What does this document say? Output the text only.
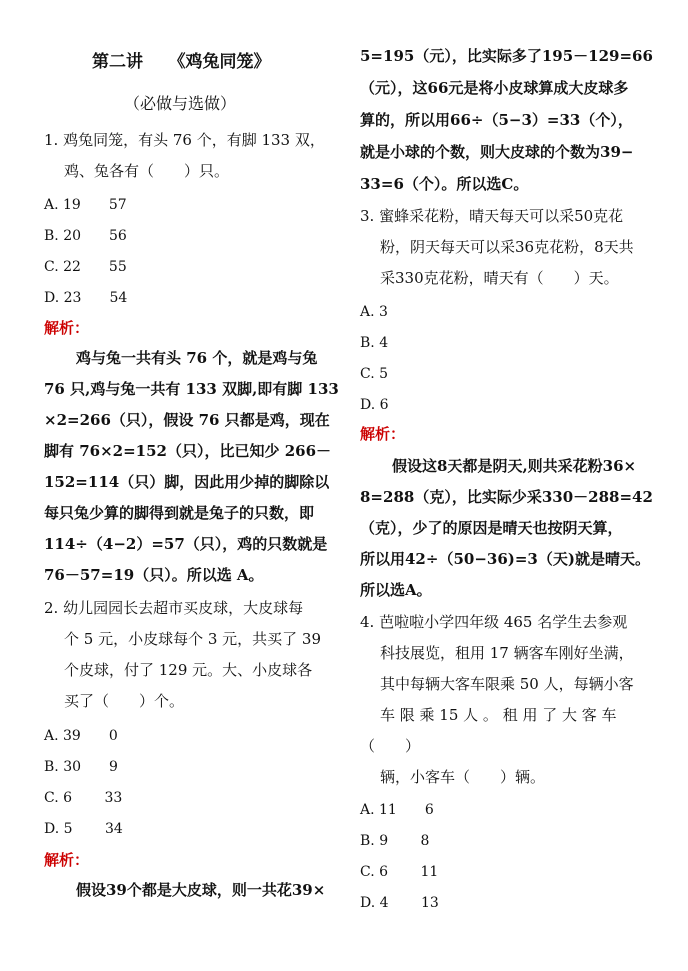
第二讲　　《鸡兔同笼》
（必做与选做）
1. 鸡兔同笼，有头 76 个，有脚 133 双，
鸡、兔各有（　　）只。
A. 19　　57
B. 20　　56
C. 22　　55
D. 23　　54
解析：
鸡与兔一共有头 76 个，就是鸡与兔
76 只,鸡与兔一共有 133 双脚,即有脚 133
×2=266（只），假设 76 只都是鸡，现在
脚有 76×2=152（只），比已知少 266－
152=114（只）脚，因此用少掉的脚除以
每只兔少算的脚得到就是兔子的只数，即
114÷（4−2）=57（只），鸡的只数就是
76－57=19（只）。所以选 A。
2. 幼儿园园长去超市买皮球，大皮球每
个 5 元，小皮球每个 3 元，共买了 39
个皮球，付了 129 元。大、小皮球各
买了（　　）个。
A. 39　　0
B. 30　　9
C. 6　　 33
D. 5　　 34
解析：
假设39个都是大皮球，则一共花39×
5=195（元），比实际多了195－129=66
（元），这66元是将小皮球算成大皮球多
算的，所以用66÷（5−3）=33（个），
就是小球的个数，则大皮球的个数为39−
33=6（个）。所以选C。
3. 蜜蜂采花粉，晴天每天可以采50克花
粉，阴天每天可以采36克花粉，8天共
采330克花粉，晴天有（　　）天。
A. 3
B. 4
C. 5
D. 6
解析：
假设这8天都是阴天,则共采花粉36×
8=288（克），比实际少采330－288=42
（克），少了的原因是晴天也按阴天算，
所以用42÷（50−36)=3（天)就是晴天。
所以选A。
4. 芭啦啦小学四年级 465 名学生去参观
科技展览，租用 17 辆客车刚好坐满，
其中每辆大客车限乘 50 人，每辆小客
车 限 乘 15 人 。 租 用 了 大 客 车
（　　）
辆，小客车（　　）辆。
A. 11　　6
B. 9　　 8
C. 6　　 11
D. 4　　 13
